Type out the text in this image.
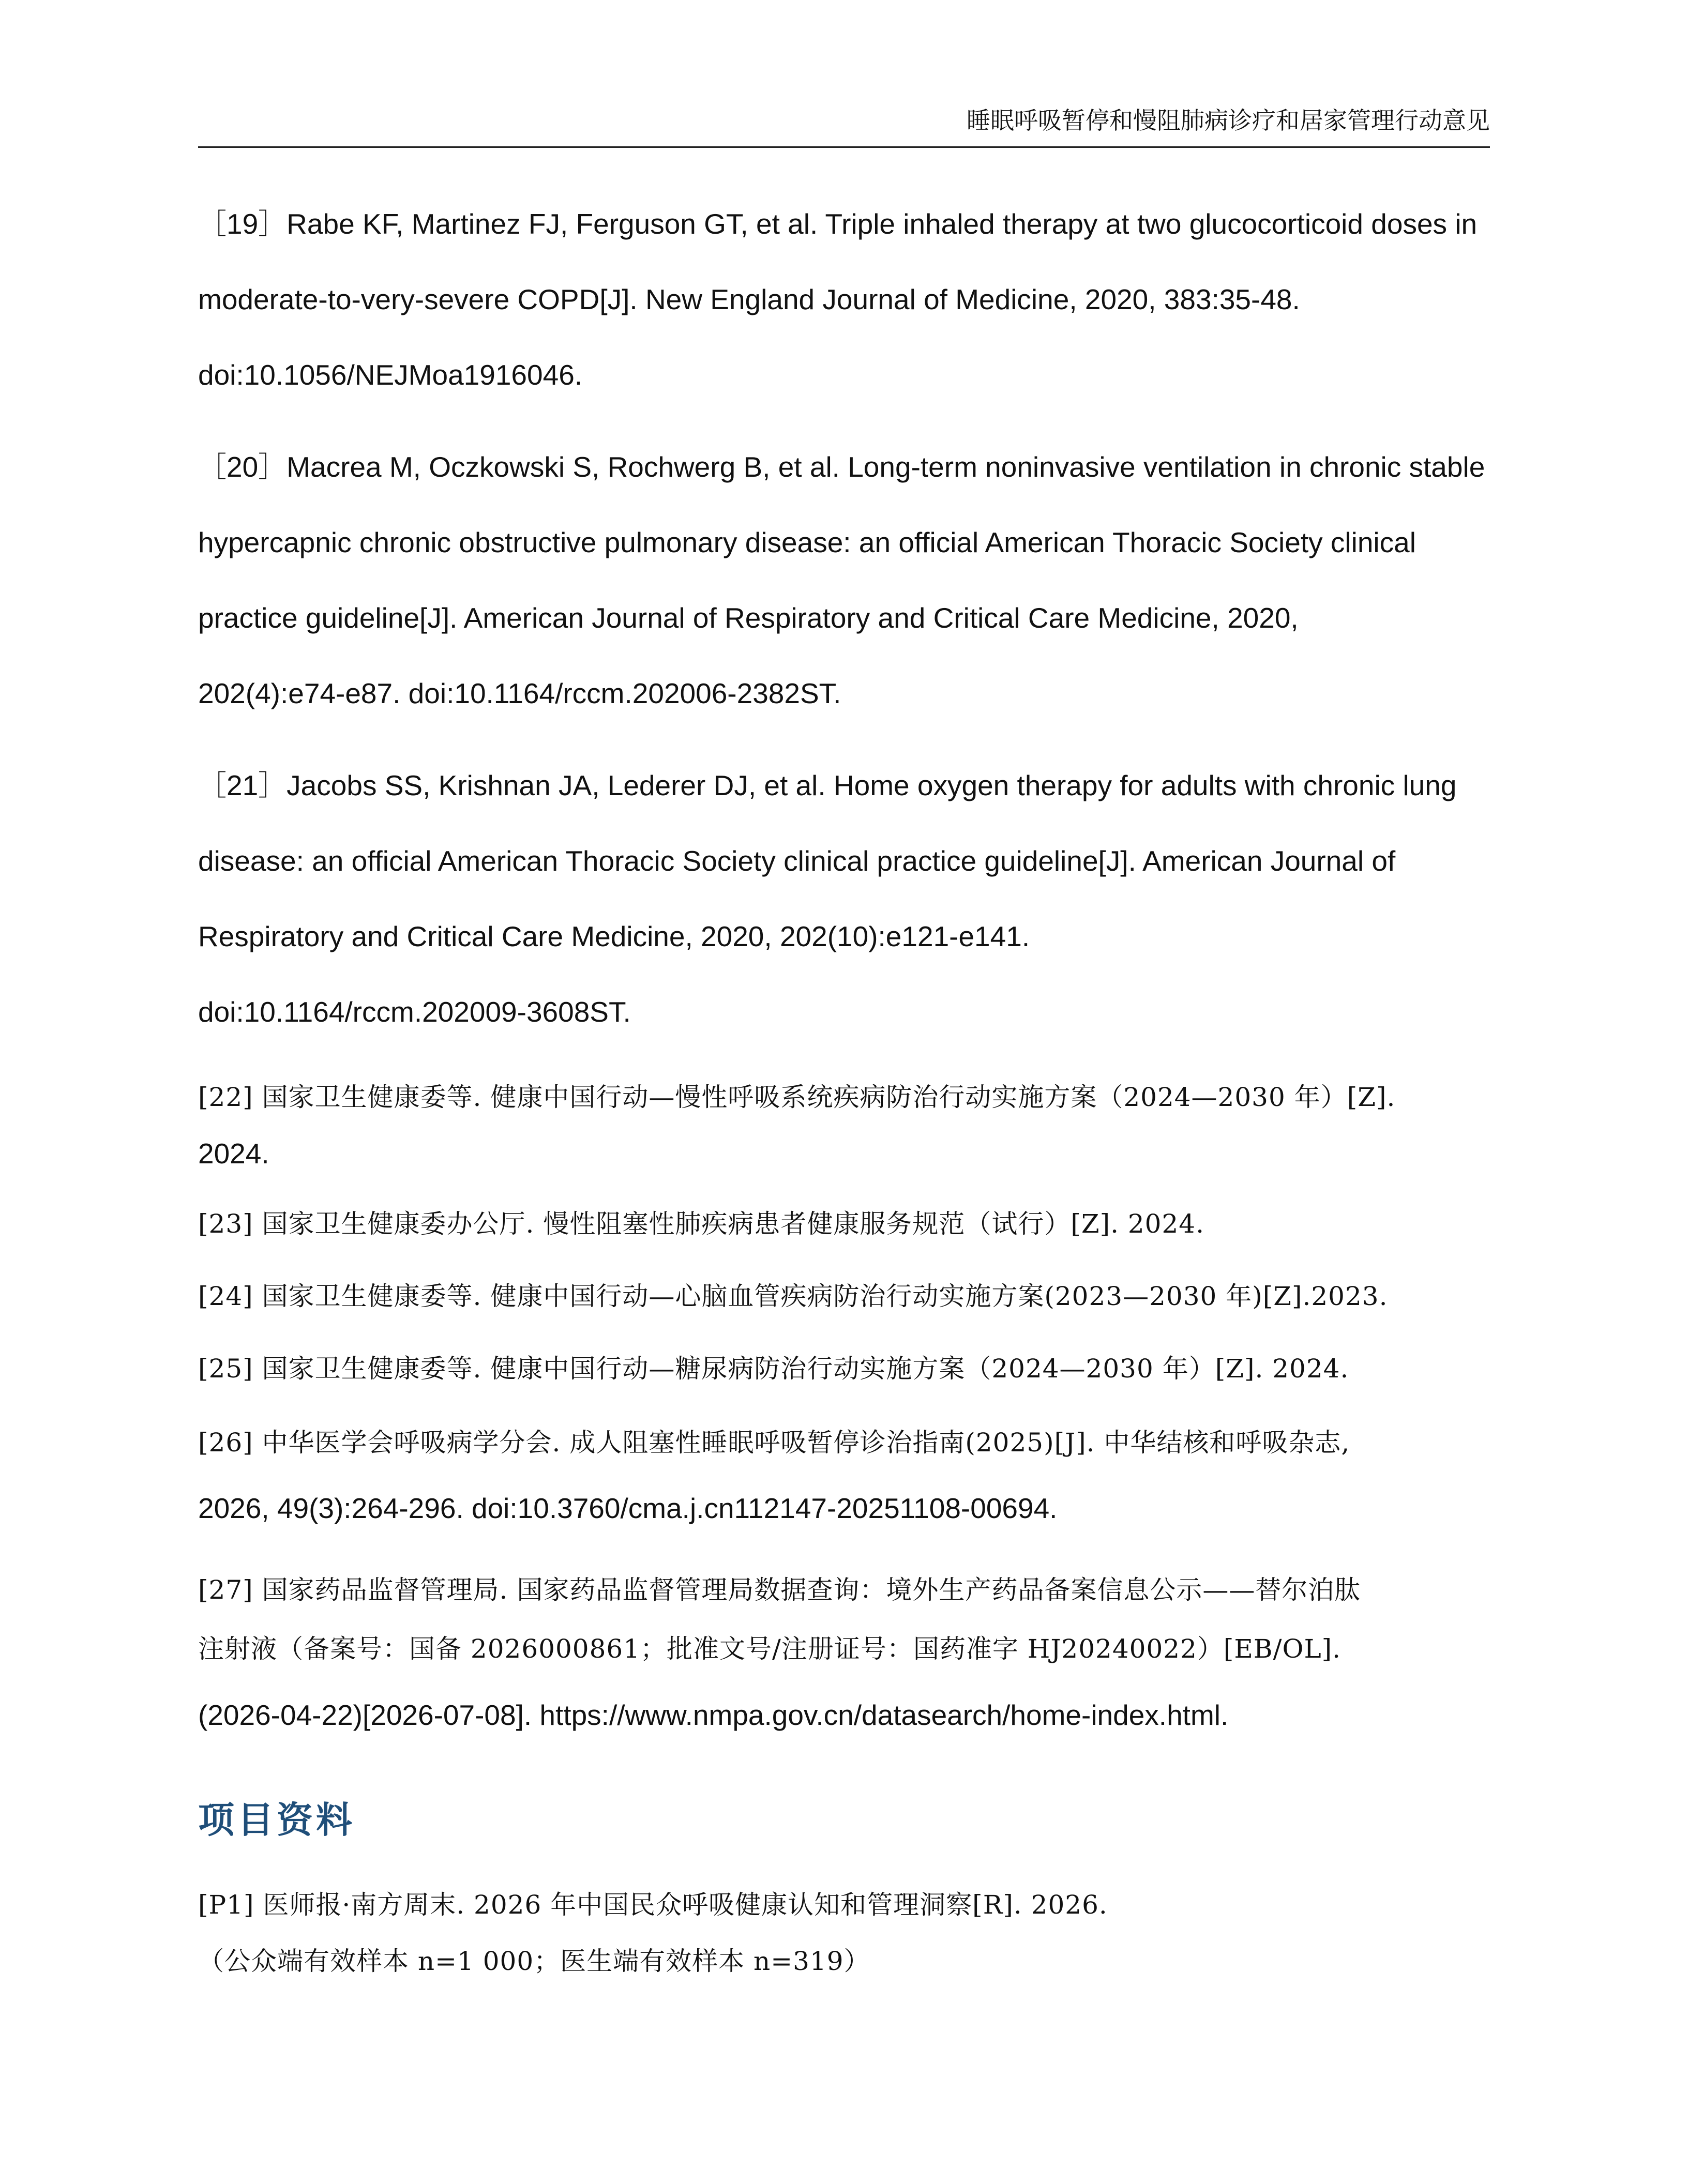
睡眠呼吸暂停和慢阻肺病诊疗和居家管理行动意见
［19］Rabe KF, Martinez FJ, Ferguson GT, et al. Triple inhaled therapy at two glucocorticoid doses in
moderate-to-very-severe COPD[J]. New England Journal of Medicine, 2020, 383:35-48.
doi:10.1056/NEJMoa1916046.
［20］Macrea M, Oczkowski S, Rochwerg B, et al. Long-term noninvasive ventilation in chronic stable
hypercapnic chronic obstructive pulmonary disease: an official American Thoracic Society clinical
practice guideline[J]. American Journal of Respiratory and Critical Care Medicine, 2020,
202(4):e74-e87. doi:10.1164/rccm.202006-2382ST.
［21］Jacobs SS, Krishnan JA, Lederer DJ, et al. Home oxygen therapy for adults with chronic lung
disease: an official American Thoracic Society clinical practice guideline[J]. American Journal of
Respiratory and Critical Care Medicine, 2020, 202(10):e121-e141.
doi:10.1164/rccm.202009-3608ST.
[22] 国家卫生健康委等. 健康中国行动—慢性呼吸系统疾病防治行动实施方案（2024—2030 年）[Z].
2024.
[23] 国家卫生健康委办公厅. 慢性阻塞性肺疾病患者健康服务规范（试行）[Z]. 2024.
[24] 国家卫生健康委等. 健康中国行动—心脑血管疾病防治行动实施方案(2023—2030 年)[Z].2023.
[25] 国家卫生健康委等. 健康中国行动—糖尿病防治行动实施方案（2024—2030 年）[Z]. 2024.
[26] 中华医学会呼吸病学分会. 成人阻塞性睡眠呼吸暂停诊治指南(2025)[J]. 中华结核和呼吸杂志,
2026, 49(3):264-296. doi:10.3760/cma.j.cn112147-20251108-00694.
[27] 国家药品监督管理局. 国家药品监督管理局数据查询：境外生产药品备案信息公示——替尔泊肽
注射液（备案号：国备 2026000861；批准文号/注册证号：国药准字 HJ20240022）[EB/OL].
(2026-04-22)[2026-07-08]. https://www.nmpa.gov.cn/datasearch/home-index.html.
[P1] 医师报·南方周末. 2026 年中国民众呼吸健康认知和管理洞察[R]. 2026.
（公众端有效样本 n=1 000；医生端有效样本 n=319）
项目资料
